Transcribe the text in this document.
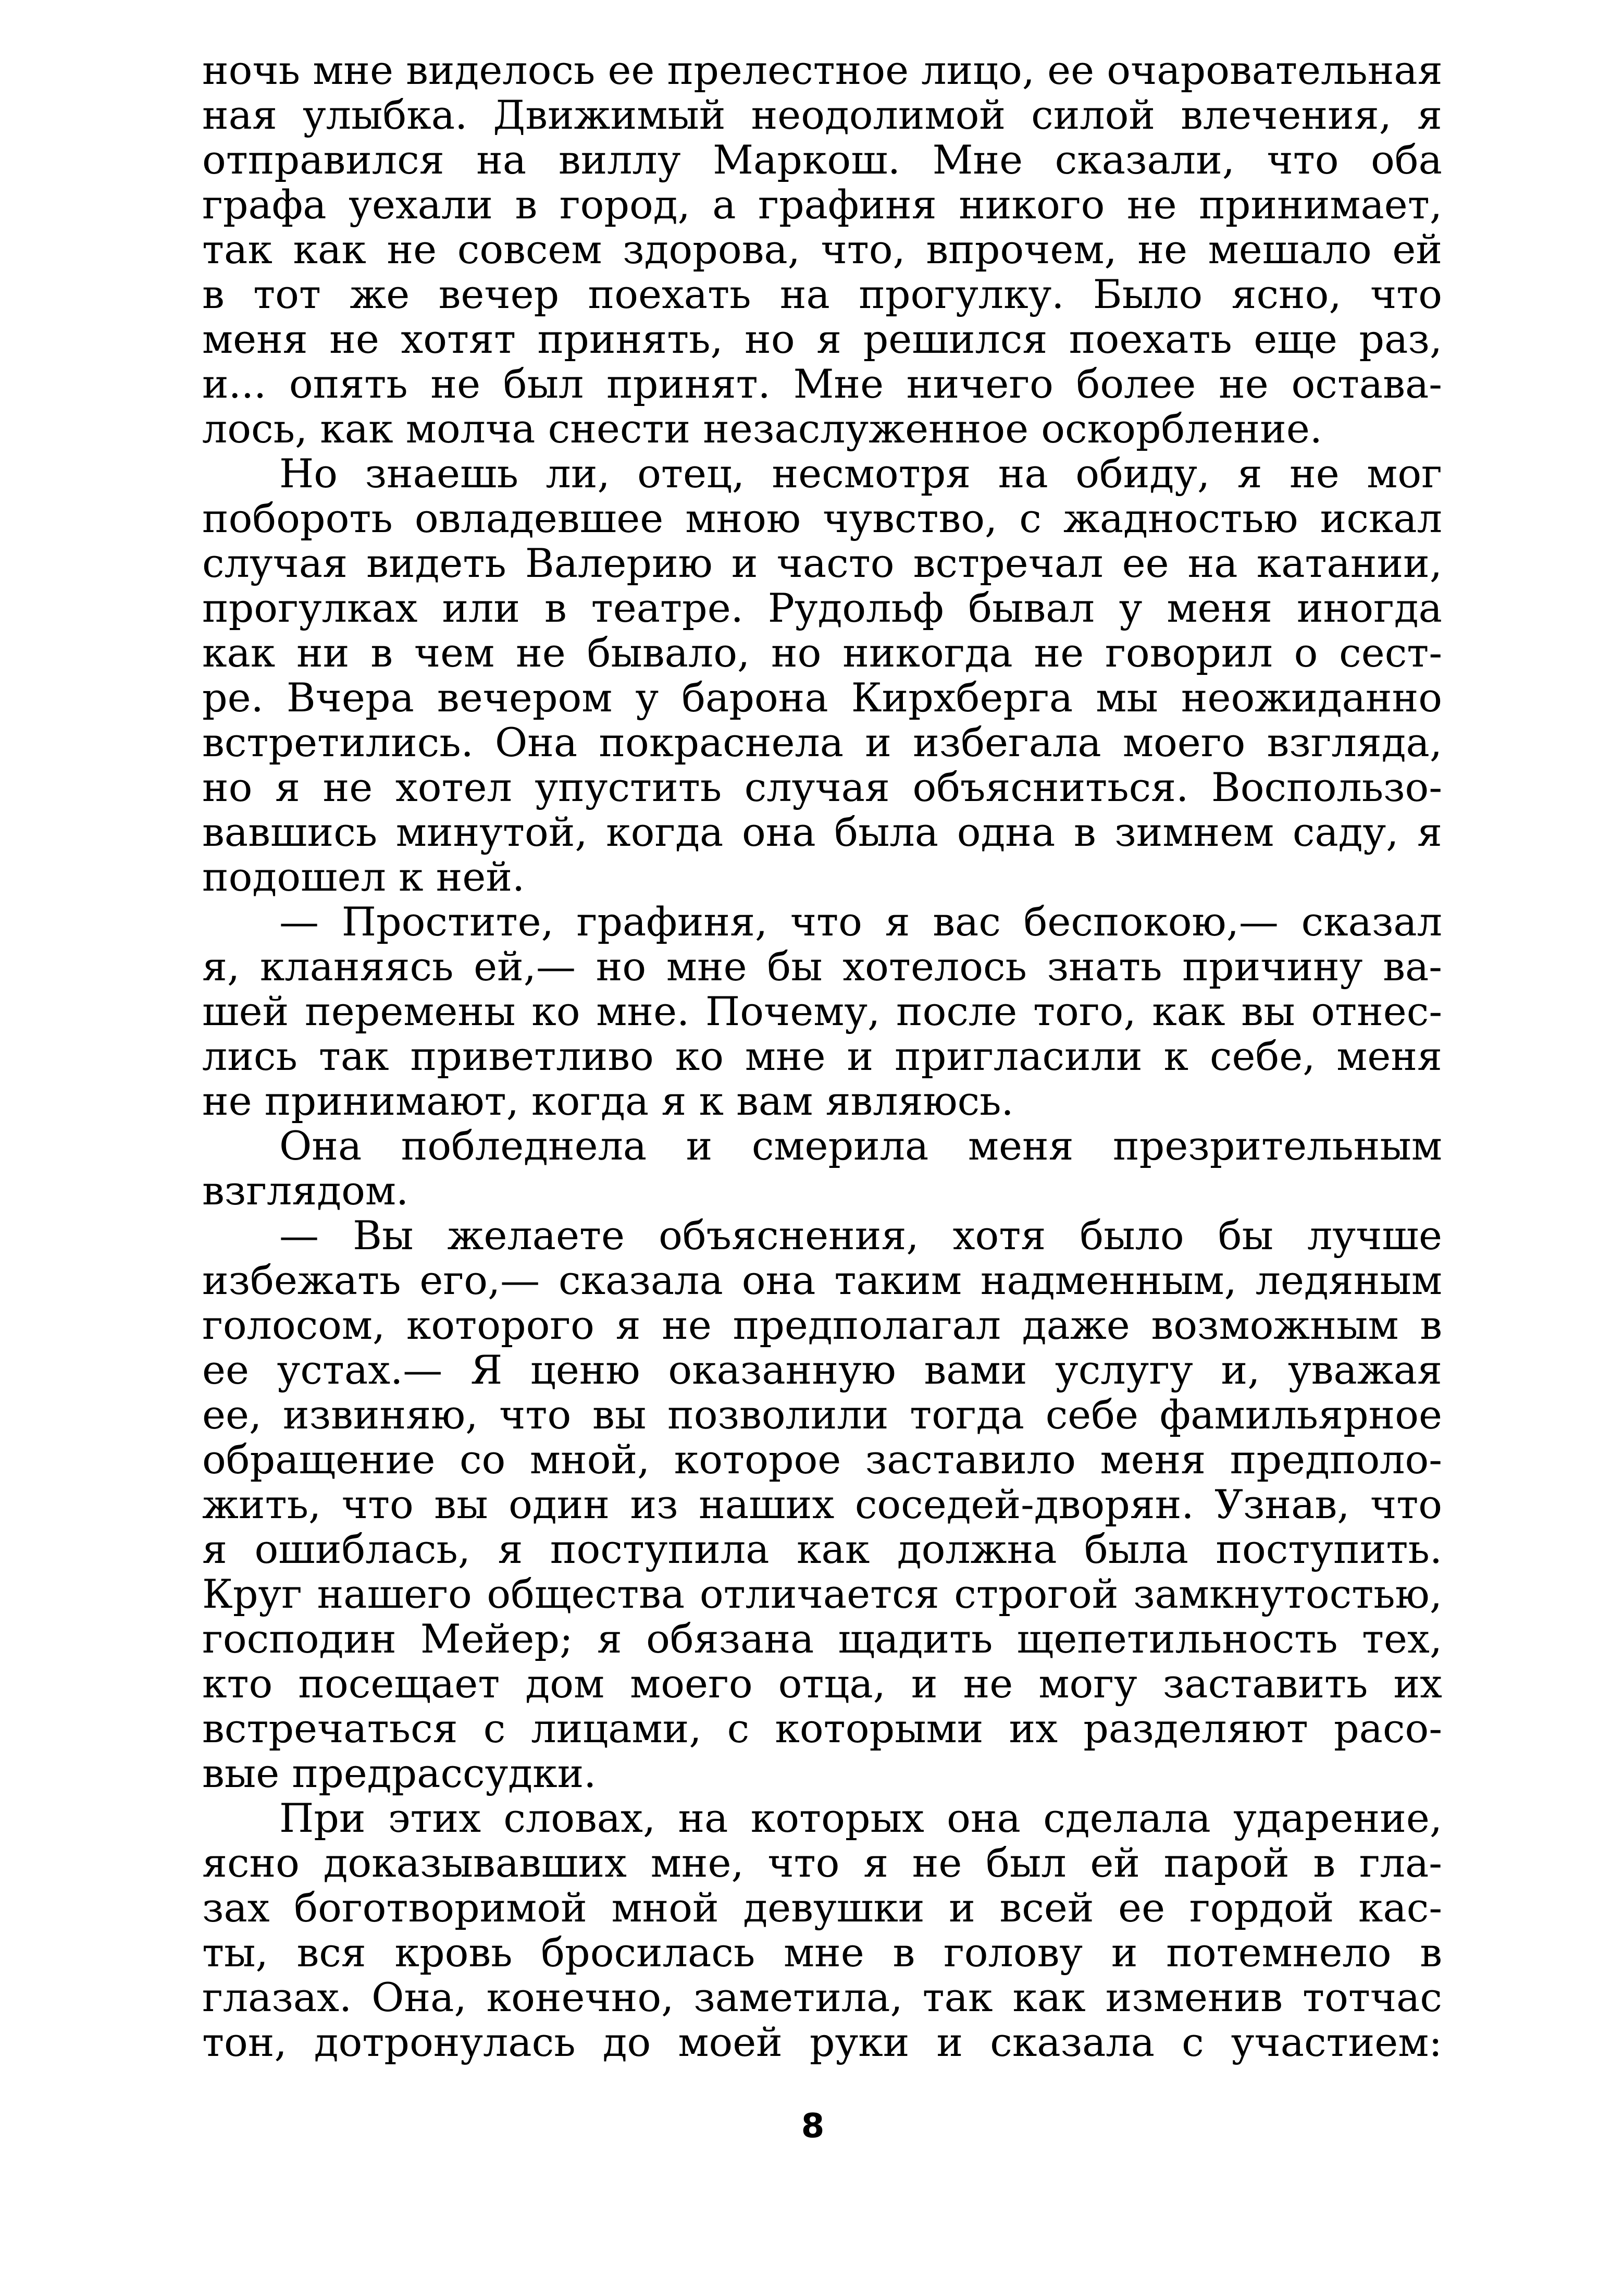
ночь мне виделось ее прелестное лицо, ее очаровательная
ная улыбка. Движимый неодолимой силой влечения, я
отправился на виллу Маркош. Мне сказали, что оба
графа уехали в город, а графиня никого не принимает,
так как не совсем здорова, что, впрочем, не мешало ей
в тот же вечер поехать на прогулку. Было ясно, что
меня не хотят принять, но я решился поехать еще раз,
и... опять не был принят. Мне ничего более не остава-
лось, как молча снести незаслуженное оскорбление.
Но знаешь ли, отец, несмотря на обиду, я не мог
побороть овладевшее мною чувство, с жадностью искал
случая видеть Валерию и часто встречал ее на катании,
прогулках или в театре. Рудольф бывал у меня иногда
как ни в чем не бывало, но никогда не говорил о сест-
ре. Вчера вечером у барона Кирхберга мы неожиданно
встретились. Она покраснела и избегала моего взгляда,
но я не хотел упустить случая объясниться. Воспользо-
вавшись минутой, когда она была одна в зимнем саду, я
подошел к ней.
— Простите, графиня, что я вас беспокою,— сказал
я, кланяясь ей,— но мне бы хотелось знать причину ва-
шей перемены ко мне. Почему, после того, как вы отнес-
лись так приветливо ко мне и пригласили к себе, меня
не принимают, когда я к вам являюсь.
Она побледнела и смерила меня презрительным
взглядом.
— Вы желаете объяснения, хотя было бы лучше
избежать его,— сказала она таким надменным, ледяным
голосом, которого я не предполагал даже возможным в
ее устах.— Я ценю оказанную вами услугу и, уважая
ее, извиняю, что вы позволили тогда себе фамильярное
обращение со мной, которое заставило меня предполо-
жить, что вы один из наших соседей-дворян. Узнав, что
я ошиблась, я поступила как должна была поступить.
Круг нашего общества отличается строгой замкнутостью,
господин Мейер; я обязана щадить щепетильность тех,
кто посещает дом моего отца, и не могу заставить их
встречаться с лицами, с которыми их разделяют расо-
вые предрассудки.
При этих словах, на которых она сделала ударение,
ясно доказывавших мне, что я не был ей парой в гла-
зах боготворимой мной девушки и всей ее гордой кас-
ты, вся кровь бросилась мне в голову и потемнело в
глазах. Она, конечно, заметила, так как изменив тотчас
тон, дотронулась до моей руки и сказала с участием:
8
